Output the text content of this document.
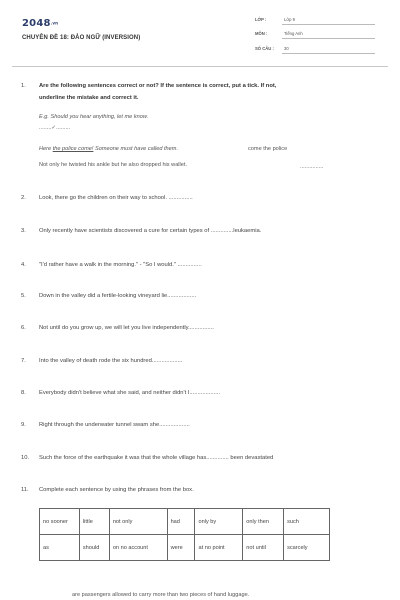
2048.vn
CHUYÊN ĐỀ 18: ĐẢO NGỮ (INVERSION)
LỚP :	Lớp 9
MÔN :	Tiếng Anh
SỐ CÂU : 30
1. Are the following sentences correct or not? If the sentence is correct, put a tick. If not,
underline the mistake and correct it.
E.g. Should you hear anything, let me know.
........✓.........
Here the police come! Someone must have called them.	come the police
Not only he twisted his ankle but he also dropped his wallet.	...............
2. Look, there go the children on their way to school. ...............
3. Only recently have scientists discovered a cure for certain types of ..............leukaemia.
4. "I'd rather have a walk in the morning." - "So I would." ...............
5. Down in the valley did a fertile-looking vineyard lie..................
6. Not until do you grow up, we will let you live independently................
7. Into the valley of death rode the six hundred...................
8. Everybody didn't believe what she said, and neither didn't I...................
9. Right through the underwater tunnel swam she...................
10. Such the force of the earthquake it was that the whole village has.............. been devastated
11. Complete each sentence by using the phrases from the box.
no sooner	little	not only	had	only by	only then	such
as	should	on no account	were	at no point	not until	scarcely
are passengers allowed to carry more than two pieces of hand luggage.
